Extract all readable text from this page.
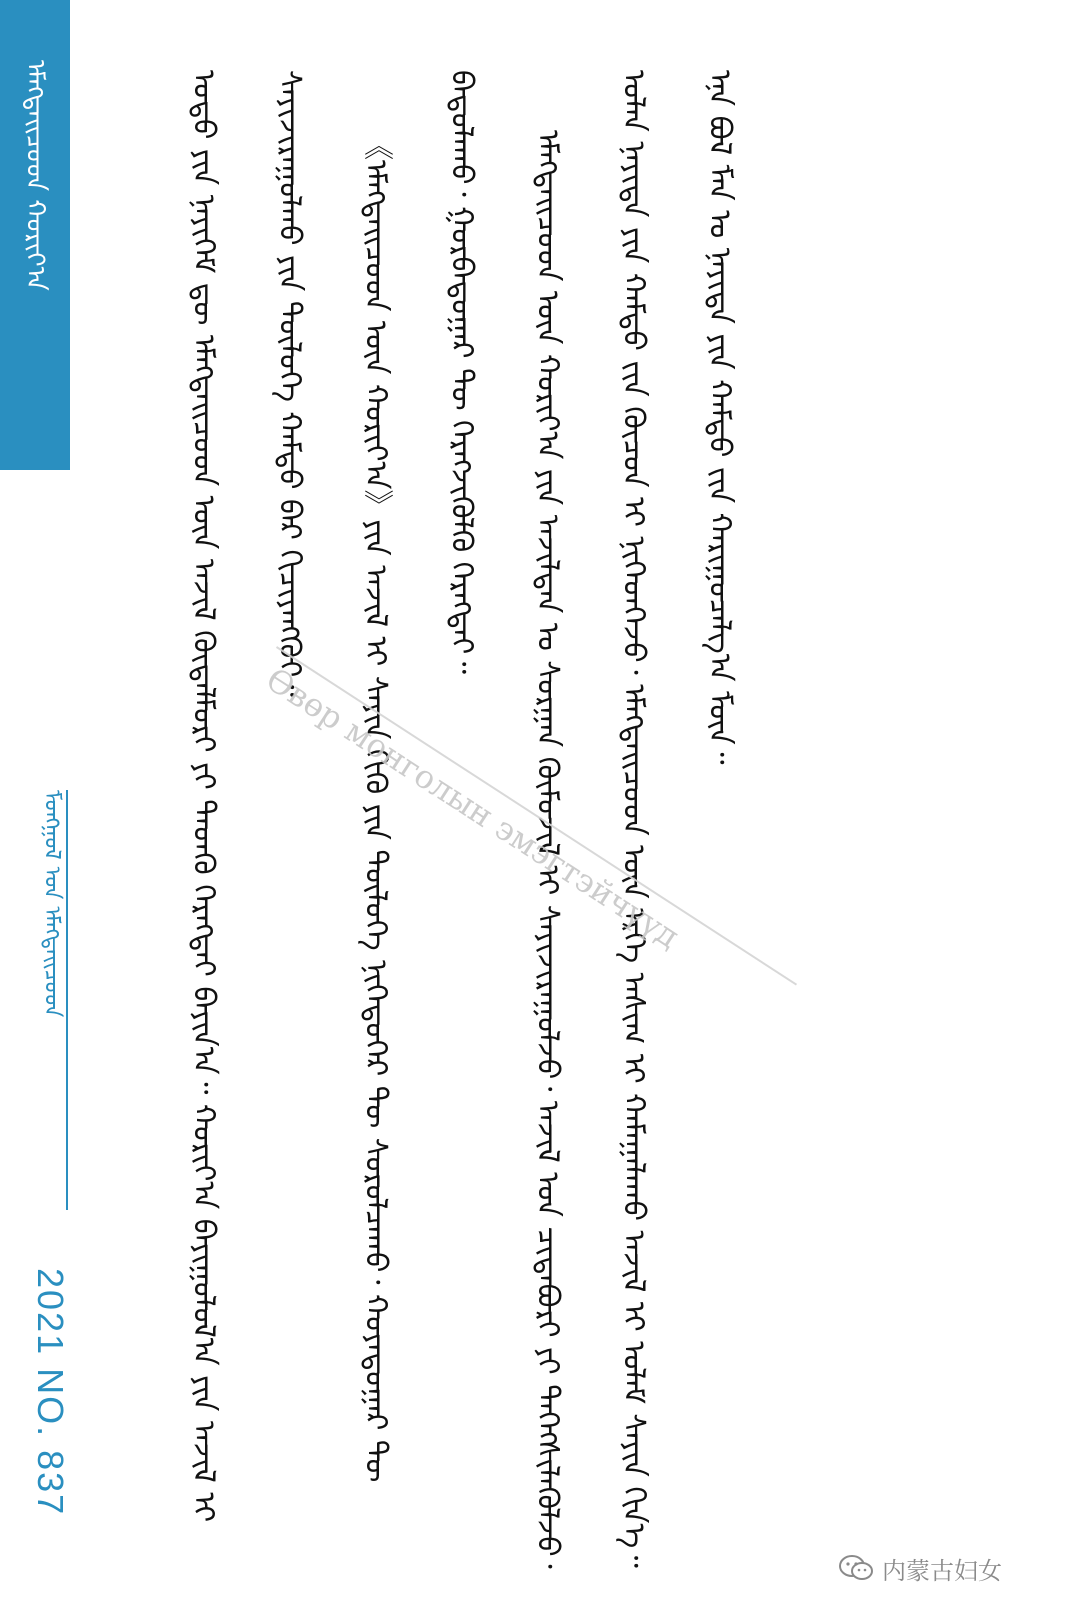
ᠡᠮᠡᠭᠲᠡᠢᠴᠦᠳ ᠬᠣᠷᠢᠶ᠎ᠠ
ᠮᠣᠩᠭᠣᠯ ᠤᠨ ᠡᠮᠡᠭᠲᠡᠢᠴᠦᠳ
2021 NO. 837	ᠣᠳᠣ ᠶᠢᠨ ᠨᠡᠶᠢᠭᠡᠮ ᠳᠦ ᠡᠮᠡᠭᠲᠡᠢᠴᠦᠳ ᠦᠨ ᠠᠵᠢᠯ ᠬᠥᠳᠡᠯᠮᠦᠷᠢ ᠶᠢ ᠳᠡᠳᠬᠦ ᠬᠡᠷᠡᠭᠲᠡᠢ ᠪᠠᠶᠢᠨ᠎ᠠ᠃ ᠬᠣᠷᠢᠶ᠎ᠠ ᠪᠠᠶᠢᠭᠤᠯᠤᠯ᠎ᠠ ᠶᠢᠨ ᠠᠵᠢᠯ ᠢ ᠰᠠᠶᠢᠵᠢᠷᠠᠭᠤᠯᠬᠤ ᠶᠢᠨ ᠲᠥᠯᠥᠭᠡ ᠬᠠᠮᠲᠤ ᠪᠡᠷ ᠬᠢᠴᠢᠶᠡᠩᠭᠦᠢ᠃	《ᠡᠮᠡᠭᠲᠡᠢᠴᠦᠳ ᠦᠨ ᠬᠣᠷᠢᠶ᠎ᠠ》ᠶᠢᠨ ᠠᠵᠢᠯ ᠢ ᠰᠠᠶᠢᠨ ᠬᠢᠬᠦ ᠶᠢᠨ ᠲᠥᠯᠥᠭᠡ ᠨᠢᠭᠡᠳᠦᠭᠡᠷ ᠲᠦ ᠰᠤᠷᠤᠯᠴᠠᠬᠤ᠂ ᠬᠣᠶᠠᠳᠤᠭᠠᠷ ᠲᠦ ᠪᠠᠲᠤᠯᠠᠬᠤ᠂ ᠭᠤᠷᠪᠠᠳᠤᠭᠠᠷ ᠲᠦ ᠬᠡᠷᠡᠭᠵᠢᠭᠦᠯᠬᠦ ᠬᠡᠷᠡᠭᠲᠡᠢ᠃	ᠡᠮᠡᠭᠲᠡᠢᠴᠦᠳ ᠦᠨ ᠬᠣᠷᠢᠶ᠎ᠠ ᠶᠢᠨ ᠠᠵᠢᠯᠲᠠᠨ ᠤ ᠰᠤᠷᠭᠠᠨ ᠬᠥᠮᠦᠵᠢᠯ ᠢ ᠰᠠᠶᠢᠵᠢᠷᠠᠭᠤᠯᠵᠤ᠂ ᠠᠵᠢᠯ ᠤᠨ ᠴᠢᠳᠠᠪᠤᠷᠢ ᠶᠢ ᠳᠡᠭᠡᠭᠰᠢᠯᠡᠭᠦᠯᠵᠦ᠂ ᠣᠯᠠᠨ ᠨᠡᠶᠢᠲᠡ ᠶᠢᠨ ᠬᠠᠮᠲᠤ ᠵᠢᠨ ᠬᠦᠴᠦᠨ ᠢ ᠨᠢᠭᠡᠳᠬᠡᠵᠦ᠂ ᠡᠮᠡᠭᠲᠡᠢᠴᠦᠳ ᠦᠨ ᠡᠷᠬᠡ ᠠᠰᠢᠭ ᠢ ᠬᠠᠮᠠᠭᠠᠯᠠᠬᠤ ᠠᠵᠢᠯ ᠢ ᠤᠯᠠᠮ ᠰᠠᠶᠢᠨ ᠬᠢᠨ᠎ᠡ᠃ ᠡᠨᠡ ᠪᠣᠯ ᠮᠠᠨ ᠤ ᠨᠡᠶᠢᠲᠡ ᠶᠢᠨ ᠬᠠᠮᠲᠤ ᠵᠢᠨ ᠬᠠᠷᠢᠭᠤᠴᠠᠯᠭ᠎ᠠ ᠮᠥᠨ᠃

Өвөр монголын эмэгтэйчүүд
内蒙古妇女
